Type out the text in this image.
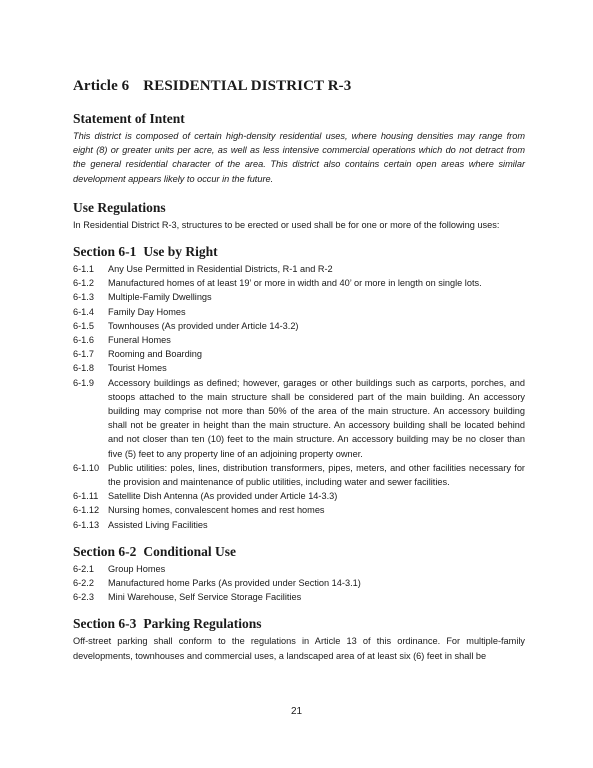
Article 6 RESIDENTIAL DISTRICT R-3
Statement of Intent

This district is composed of certain high-density residential uses, where housing densities may range from eight (8) or greater units per acre, as well as less intensive commercial operations which do not detract from the general residential character of the area. This district also contains certain open areas where similar development appears likely to occur in the future.

Use Regulations

In Residential District R-3, structures to be erected or used shall be for one or more of the following uses:

Section 6-1 Use by Right
6-1.1	Any Use Permitted in Residential Districts, R-1 and R-2
6-1.2	Manufactured homes of at least 19’ or more in width and 40’ or more in length on single lots.
6-1.3	Multiple-Family Dwellings
6-1.4	Family Day Homes
6-1.5	Townhouses (As provided under Article 14-3.2)
6-1.6	Funeral Homes
6-1.7	Rooming and Boarding
6-1.8	Tourist Homes
6-1.9	Accessory buildings as defined; however, garages or other buildings such as carports, porches, and stoops attached to the main structure shall be considered part of the main building. An accessory building may comprise not more than 50% of the area of the main structure. An accessory building shall not be greater in height than the main structure. An accessory building shall be located behind and not closer than ten (10) feet to the main structure. An accessory building may be no closer than five (5) feet to any property line of an adjoining property owner.
6-1.10 Public utilities: poles, lines, distribution transformers, pipes, meters, and other facilities necessary for the provision and maintenance of public utilities, including water and sewer facilities.
6-1.11	Satellite Dish Antenna (As provided under Article 14-3.3)
6-1.12 Nursing homes, convalescent homes and rest homes
6-1.13 Assisted Living Facilities
Section 6-2 Conditional Use
6-2.1	Group Homes
6-2.2	Manufactured home Parks (As provided under Section 14-3.1)
6-2.3	Mini Warehouse, Self Service Storage Facilities
Section 6-3 Parking Regulations

Off-street parking shall conform to the regulations in Article 13 of this ordinance. For multiple-family developments, townhouses and commercial uses, a landscaped area of at least six (6) feet in shall be

21
